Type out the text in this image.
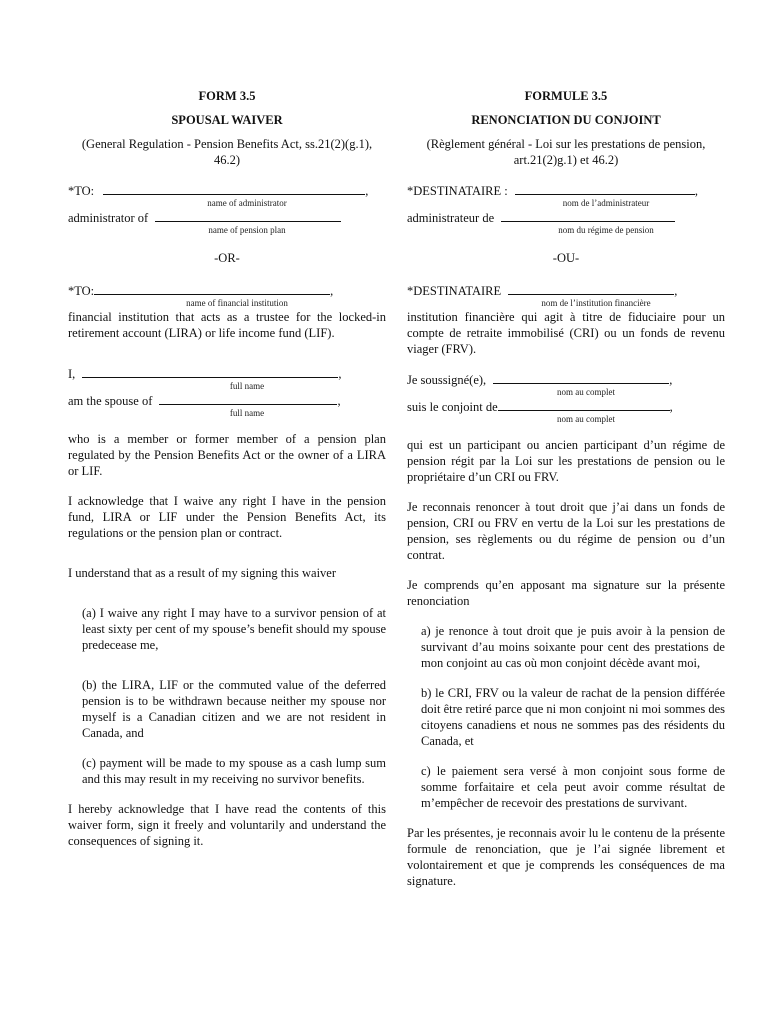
FORM 3.5
SPOUSAL WAIVER
(General Regulation - Pension Benefits Act, ss.21(2)(g.1), 46.2)
*TO:	,
name of administrator
administrator of
name of pension plan
-OR-
*TO:	,
name of financial institution

financial institution that acts as a trustee for the locked-in retirement account (LIRA) or life income fund (LIF).

I,	,
full name
am the spouse of	,
full name

who is a member or former member of a pension plan regulated by the Pension Benefits Act or the owner of a LIRA or LIF.

I acknowledge that I waive any right I have in the pension fund, LIRA or LIF under the Pension Benefits Act, its regulations or the pension plan or contract.

I understand that as a result of my signing this waiver

(a) I waive any right I may have to a survivor pension of at least sixty per cent of my spouse’s benefit should my spouse predecease me,

(b) the LIRA, LIF or the commuted value of the deferred pension is to be withdrawn because neither my spouse nor myself is a Canadian citizen and we are not resident in Canada, and

(c) payment will be made to my spouse as a cash lump sum and this may result in my receiving no survivor benefits.

I hereby acknowledge that I have read the contents of this waiver form, sign it freely and voluntarily and understand the consequences of signing it.

FORMULE 3.5
RENONCIATION DU CONJOINT
(Règlement général - Loi sur les prestations de pension, art.21(2)g.1) et 46.2)
*DESTINATAIRE :	,
nom de l’administrateur
administrateur de
nom du régime de pension
-OU-
*DESTINATAIRE	,
nom de l’institution financière

institution financière qui agit à titre de fiduciaire pour un compte de retraite immobilisé (CRI) ou un fonds de revenu viager (FRV).

Je soussigné(e),	,
nom au complet
suis le conjoint de	,
nom au complet

qui est un participant ou ancien participant d’un régime de pension régit par la Loi sur les prestations de pension ou le propriétaire d’un CRI ou FRV.

Je reconnais renoncer à tout droit que j’ai dans un fonds de pension, CRI ou FRV en vertu de la Loi sur les prestations de pension, ses règlements ou du régime de pension ou d’un contrat.

Je comprends qu’en apposant ma signature sur la présente renonciation

a) je renonce à tout droit que je puis avoir à la pension de survivant d’au moins soixante pour cent des prestations de mon conjoint au cas où mon conjoint décède avant moi,

b) le CRI, FRV ou la valeur de rachat de la pension différée doit être retiré parce que ni mon conjoint ni moi sommes des citoyens canadiens et nous ne sommes pas des résidents du Canada, et

c) le paiement sera versé à mon conjoint sous forme de somme forfaitaire et cela peut avoir comme résultat de m’empêcher de recevoir des prestations de survivant.

Par les présentes, je reconnais avoir lu le contenu de la présente formule de renonciation, que je l’ai signée librement et volontairement et que je comprends les conséquences de ma signature.
